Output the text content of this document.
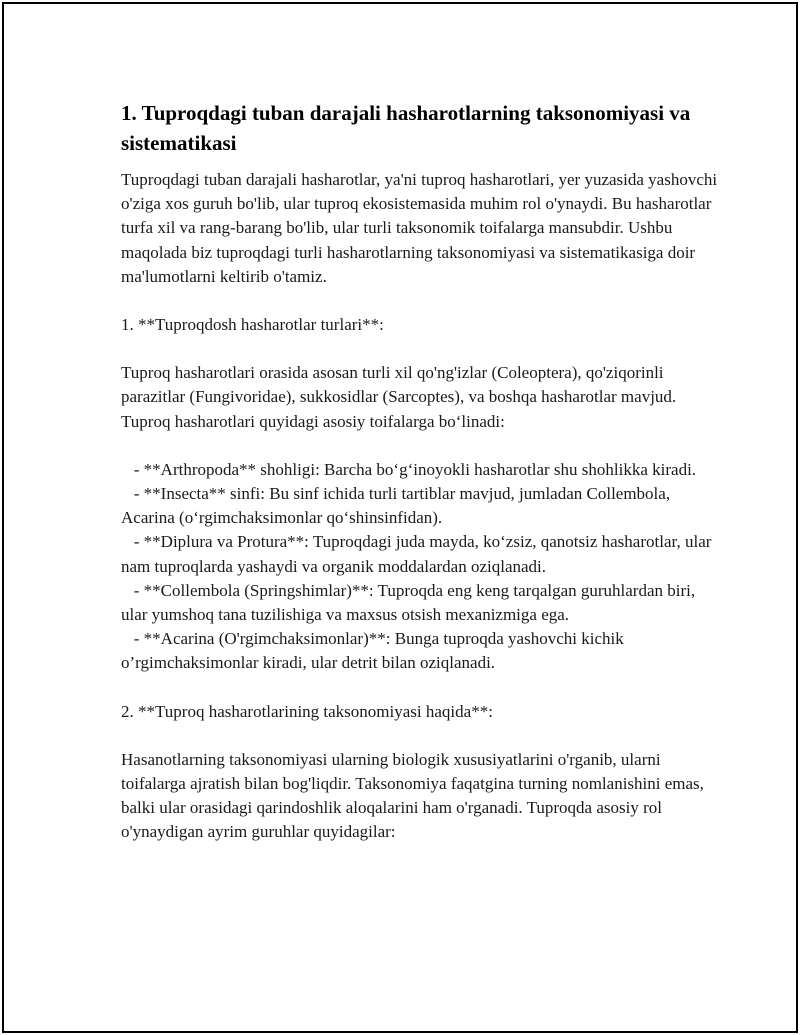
1. Tuproqdagi tuban darajali hasharotlarning taksonomiyasi va sistematikasi

Tuproqdagi tuban darajali hasharotlar, ya'ni tuproq hasharotlari, yer yuzasida yashovchi o'ziga xos guruh bo'lib, ular tuproq ekosistemasida muhim rol o'ynaydi. Bu hasharotlar turfa xil va rang-barang bo'lib, ular turli taksonomik toifalarga mansubdir. Ushbu maqolada biz tuproqdagi turli hasharotlarning taksonomiyasi va sistematikasiga doir ma'lumotlarni keltirib o'tamiz.

1. **Tuproqdosh hasharotlar turlari**:

Tuproq hasharotlari orasida asosan turli xil qo'ng'izlar (Coleoptera), qo'ziqorinli parazitlar (Fungivoridae), sukkosidlar (Sarcoptes), va boshqa hasharotlar mavjud. Tuproq hasharotlari quyidagi asosiy toifalarga boʻlinadi:

- **Arthropoda** shohligi: Barcha boʻgʻinoyokli hasharotlar shu shohlikka kiradi.
- **Insecta** sinfi: Bu sinf ichida turli tartiblar mavjud, jumladan Collembola, Acarina (oʻrgimchaksimonlar qoʻshinsinfidan).
- **Diplura va Protura**: Tuproqdagi juda mayda, koʻzsiz, qanotsiz hasharotlar, ular nam tuproqlarda yashaydi va organik moddalardan oziqlanadi.
- **Collembola (Springshimlar)**: Tuproqda eng keng tarqalgan guruhlardan biri, ular yumshoq tana tuzilishiga va maxsus otsish mexanizmiga ega.
- **Acarina (O'rgimchaksimonlar)**: Bunga tuproqda yashovchi kichik o’rgimchaksimonlar kiradi, ular detrit bilan oziqlanadi.

2. **Tuproq hasharotlarining taksonomiyasi haqida**:

Hasanotlarning taksonomiyasi ularning biologik xususiyatlarini o'rganib, ularni toifalarga ajratish bilan bog'liqdir. Taksonomiya faqatgina turning nomlanishini emas, balki ular orasidagi qarindoshlik aloqalarini ham o'rganadi. Tuproqda asosiy rol o'ynaydigan ayrim guruhlar quyidagilar:
